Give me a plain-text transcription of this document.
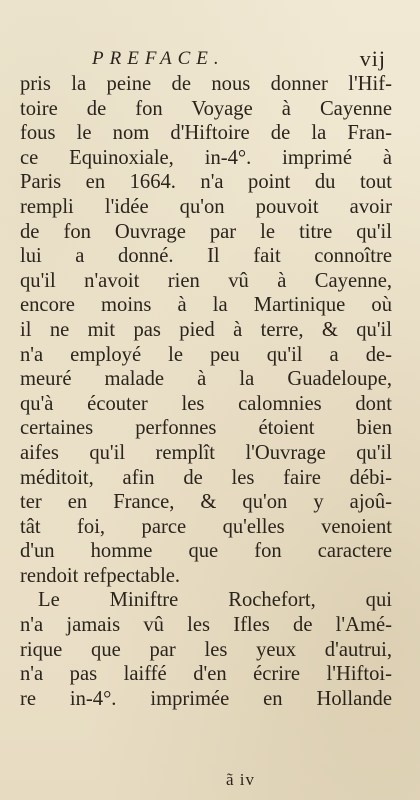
PREFACE.	vij
pris la peine de nous donner l'Hif-
toire de fon Voyage à Cayenne
fous le nom d'Hiftoire de la Fran-
ce Equinoxiale, in-4°. imprimé à
Paris en 1664. n'a point du tout
rempli l'idée qu'on pouvoit avoir
de fon Ouvrage par le titre qu'il
lui a donné. Il fait connoître
qu'il n'avoit rien vû à Cayenne,
encore moins à la Martinique où
il ne mit pas pied à terre, & qu'il
n'a employé le peu qu'il a de-
meuré malade à la Guadeloupe,
qu'à écouter les calomnies dont
certaines perfonnes étoient bien
aifes qu'il remplît l'Ouvrage qu'il
méditoit, afin de les faire débi-
ter en France, & qu'on y ajoû-
tât foi, parce qu'elles venoient
d'un homme que fon caractere
rendoit refpectable.
Le Miniftre Rochefort, qui
n'a jamais vû les Ifles de l'Amé-
rique que par les yeux d'autrui,
n'a pas laiffé d'en écrire l'Hiftoi-
re in-4°. imprimée en Hollande
ã iv
